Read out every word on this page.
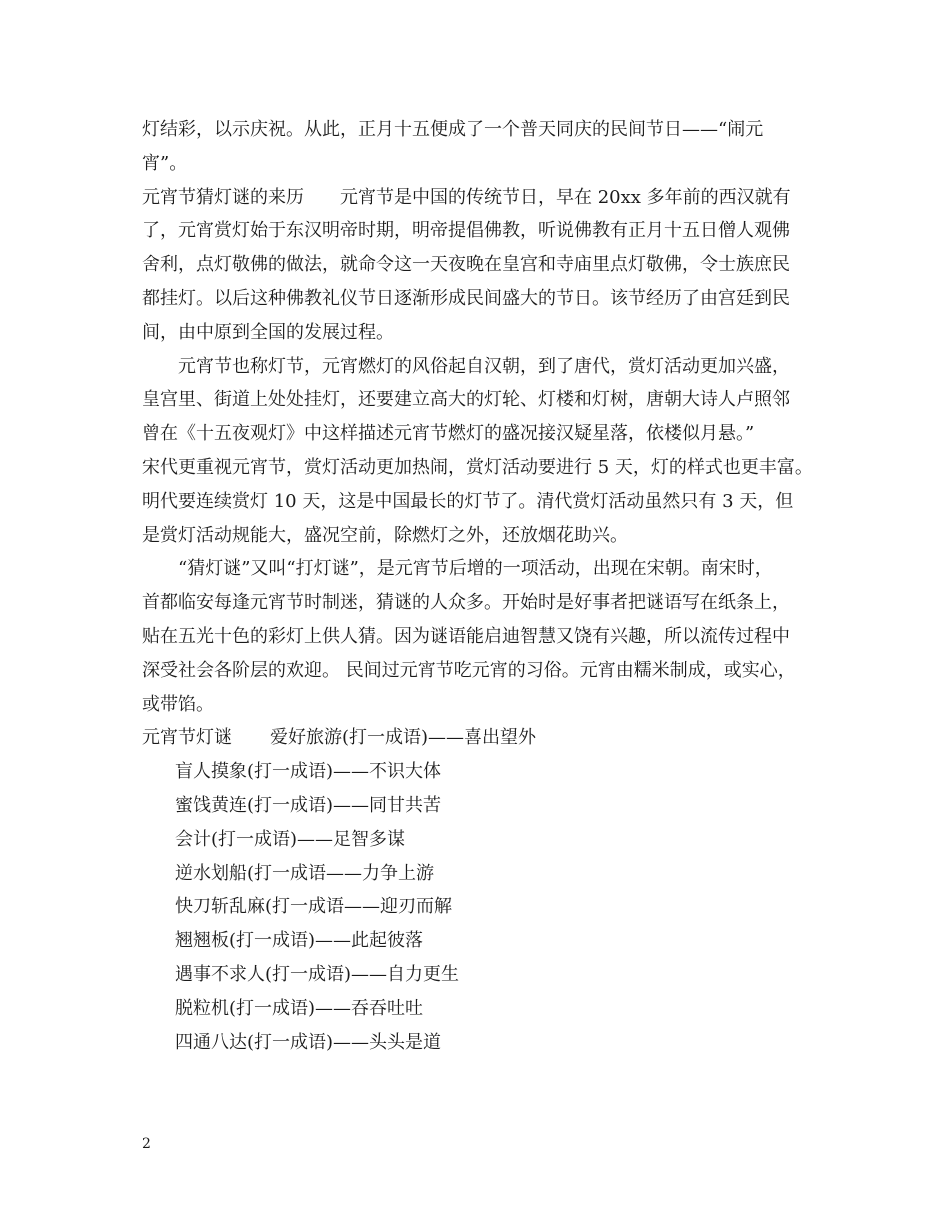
灯结彩，以示庆祝。从此，正月十五便成了一个普天同庆的民间节日——“闹元
宵”。
元宵节猜灯谜的来历 元宵节是中国的传统节日，早在 20xx 多年前的西汉就有
了，元宵赏灯始于东汉明帝时期，明帝提倡佛教，听说佛教有正月十五日僧人观佛
舍利，点灯敬佛的做法，就命令这一天夜晚在皇宫和寺庙里点灯敬佛，令士族庶民
都挂灯。以后这种佛教礼仪节日逐渐形成民间盛大的节日。该节经历了由宫廷到民
间，由中原到全国的发展过程。
元宵节也称灯节，元宵燃灯的风俗起自汉朝，到了唐代，赏灯活动更加兴盛，
皇宫里、街道上处处挂灯，还要建立高大的灯轮、灯楼和灯树，唐朝大诗人卢照邻
曾在《十五夜观灯》中这样描述元宵节燃灯的盛况接汉疑星落，依楼似月悬。”
宋代更重视元宵节，赏灯活动更加热闹，赏灯活动要进行 5 天，灯的样式也更丰富。
明代要连续赏灯 10 天，这是中国最长的灯节了。清代赏灯活动虽然只有 3 天，但
是赏灯活动规能大，盛况空前，除燃灯之外，还放烟花助兴。
“猜灯谜”又叫“打灯谜”，是元宵节后增的一项活动，出现在宋朝。南宋时，
首都临安每逢元宵节时制迷，猜谜的人众多。开始时是好事者把谜语写在纸条上，
贴在五光十色的彩灯上供人猜。因为谜语能启迪智慧又饶有兴趣，所以流传过程中
深受社会各阶层的欢迎。 民间过元宵节吃元宵的习俗。元宵由糯米制成，或实心，
或带馅。
元宵节灯谜 爱好旅游(打一成语)——喜出望外
盲人摸象(打一成语)——不识大体
蜜饯黄连(打一成语)——同甘共苦
会计(打一成语)——足智多谋
逆水划船(打一成语——力争上游
快刀斩乱麻(打一成语——迎刃而解
翘翘板(打一成语)——此起彼落
遇事不求人(打一成语)——自力更生
脱粒机(打一成语)——吞吞吐吐
四通八达(打一成语)——头头是道
2
